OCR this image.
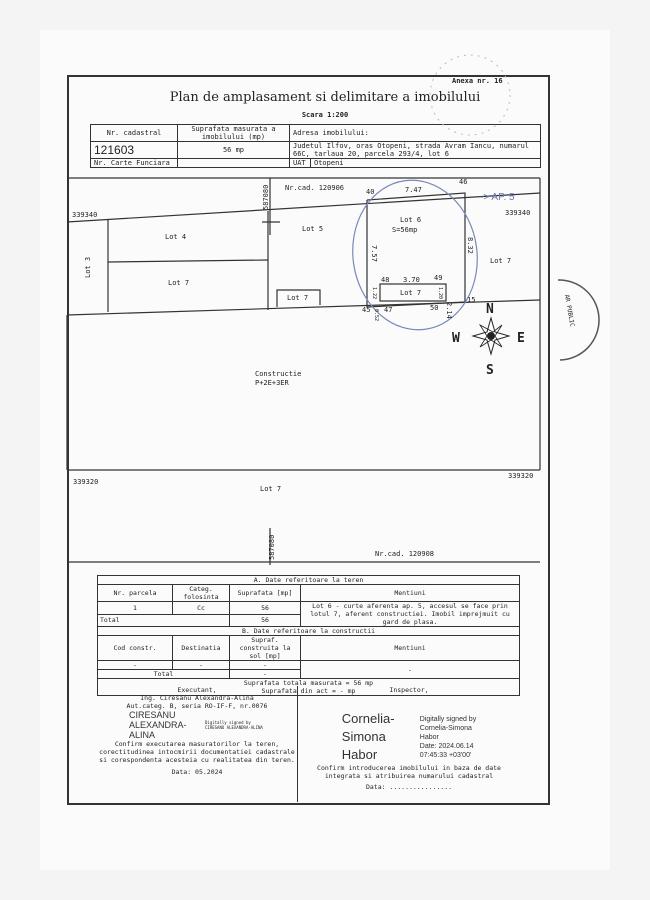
Anexa nr. 16
Plan de amplasament si delimitare a imobilului
Scara 1:200
Nr. cadastral	Suprafata masurata a imobilului (mp)	Adresa imobilului:	
121603	56 mp	Judetul Ilfov, oras Otopeni, strada Avram Iancu, numarul 66C, tarlaua 20, parcela 293/4, lot 6	
Nr. Carte Funciara		UAT	Otopeni
Nr.cad. 120906
Nr.cad. 120908
339340	339340
339320
339320
587080
587080
Lot 3
Lot 4
Lot 7
Lot 5
Lot 7
Lot 6
S=56mp
Lot 7
Lot 7
Constructie
P+2E+3ER
Lot 7
40
46
15
45 47
48	49
50
7.47
7.57	8.32
3.70
2.14
1.22	1.20
0.52
-> AP. 5
N
S
E
W
AR PUBLIC
A. Date referitoare la teren			
Nr. parcela	Categ. folosinta	Suprafata [mp]	Mentiuni
1	Cc	56	Lot 6 - curte aferenta ap. 5, accesul se face prin lotul 7, aferent constructiei. Imobil imprejmuit cu gard de plasa.
Total		56	
B. Date referitoare la constructii			
Cod constr.	Destinatia	Supraf. construita la sol [mp]	Mentiuni
-	-	-	-
Total		-	
Suprafata totala masurata = 56 mp			
Suprafata din act = - mp			
Executant,
Ing. Ciresanu Alexandra-Alina
Aut.categ. B, seria RO-IF-F, nr.0076
CIRESANU ALEXANDRA-ALINA
Digitally signed by CIRESANU ALEXANDRA-ALINA
Confirm executarea masuratorilor la teren, corectitudinea intocmirii documentatiei cadastrale si corespondenta acesteia cu realitatea din teren.
Data: 05.2024
Inspector,
Cornelia-Simona Habor
Digitally signed by
Cornelia-Simona
Habor
Date: 2024.06.14
07:45:33 +03'00'
Confirm introducerea imobilului in baza de date integrata si atribuirea numarului cadastral
Data: ................
